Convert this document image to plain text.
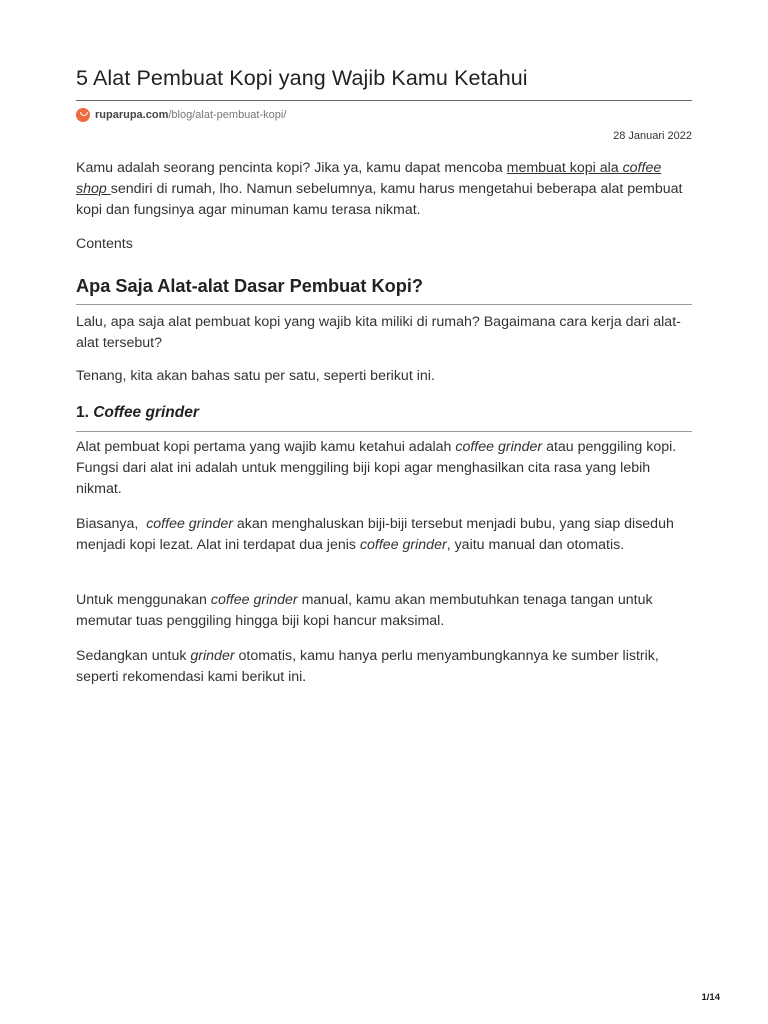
5 Alat Pembuat Kopi yang Wajib Kamu Ketahui
ruparupa.com /blog/alat-pembuat-kopi/
28 Januari 2022

Kamu adalah seorang pencinta kopi? Jika ya, kamu dapat mencoba membuat kopi ala coffee shop sendiri di rumah, lho. Namun sebelumnya, kamu harus mengetahui beberapa alat pembuat kopi dan fungsinya agar minuman kamu terasa nikmat.

Contents
Apa Saja Alat-alat Dasar Pembuat Kopi?

Lalu, apa saja alat pembuat kopi yang wajib kita miliki di rumah? Bagaimana cara kerja dari alat-alat tersebut?

Tenang, kita akan bahas satu per satu, seperti berikut ini.

1. Coffee grinder

Alat pembuat kopi pertama yang wajib kamu ketahui adalah coffee grinder atau penggiling kopi. Fungsi dari alat ini adalah untuk menggiling biji kopi agar menghasilkan cita rasa yang lebih nikmat.

Biasanya,  coffee grinder akan menghaluskan biji-biji tersebut menjadi bubu, yang siap diseduh menjadi kopi lezat. Alat ini terdapat dua jenis coffee grinder, yaitu manual dan otomatis.

Untuk menggunakan coffee grinder manual, kamu akan membutuhkan tenaga tangan untuk memutar tuas penggiling hingga biji kopi hancur maksimal.

Sedangkan untuk grinder otomatis, kamu hanya perlu menyambungkannya ke sumber listrik, seperti rekomendasi kami berikut ini.

1/14
